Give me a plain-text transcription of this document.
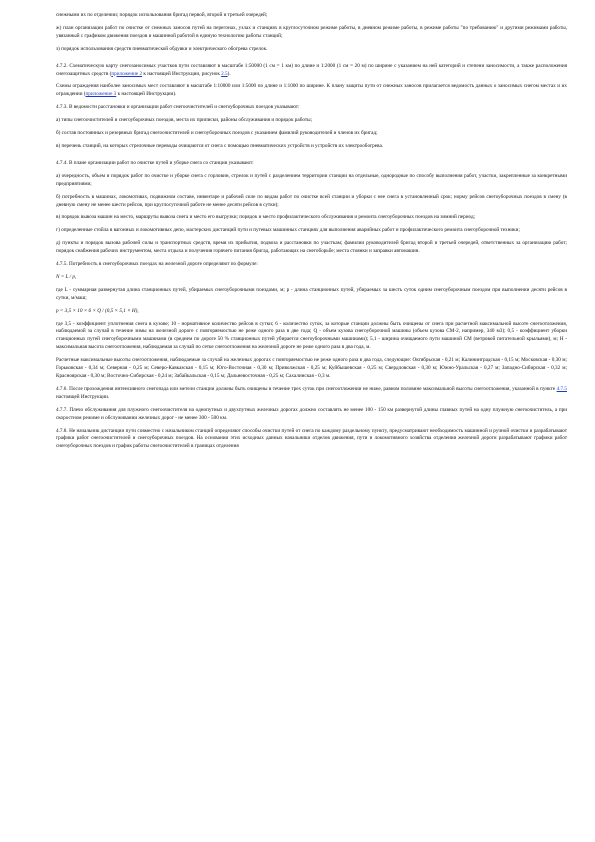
снежными их по отделении; порядок использования бригад первой, второй и третьей очередей;

ж) план организации работ по очистке от снежных заносов путей на перегонах, узлах и станциях в круглосуточном режиме работы, в дневном режиме работы, в режиме работы "по требованию" и другими режимами работы, увязанный с графиком движения поездов и машинной работой в единую технологию работы станций;

з) порядок использования средств пневматической обдувки и электрического обогрева стрелок.

4.7.2. Схематическую карту снегозаносимых участков пути составляют в масштабе 1:50000 (1 см = 1 км) по длине и 1:2000 (1 см = 20 м) по ширине с указанием на ней категорий и степени заносимости, а также расположения снегозащитных средств (приложение 2 к настоящей Инструкции, рисунок 2.5).

Схемы ограждения наиболее заносимых мест составляют в масштабе 1:10000 или 1:5000 по длине и 1:1000 по ширине. К плану защиты пути от снежных заносов прилагается ведомость данных о заносимых снегом местах и их ограждении (приложение 3 к настоящей Инструкции).

4.7.3. В ведомости расстановки и организации работ снегоочистителей и снегоуборочных поездов указывают:

а) типы снегоочистителей и снегоуборочных поездов, места их приписки, районы обслуживания и порядок работы;

б) состав постоянных и резервных бригад снегоочистителей и снегоуборочных поездов с указанием фамилий руководителей и членов их бригад;

в) перечень станций, на которых стрелочные переводы очищаются от снега с помощью пневматических устройств и устройств их электрообогрева.

4.7.4. В плане организации работ по очистке путей и уборке снега со станции указывают:

а) очередность, объем и порядок работ по очистке и уборке снега с горловин, стрелок и путей с разделением территории станции на отдельные, однородные по способу выполнения работ, участки, закрепленные за конкретными предприятиями;

б) потребность в машинах, локомотивах, подвижном составе, инвентаре и рабочей силе по видам работ по очистке всей станции и уборки с нее снега в установленный срок; норму рейсов снегоуборочных поездов в смену (в дневную смену не менее шести рейсов, при круглосуточной работе не менее десяти рейсов в сутки);

в) порядок вывоза машин на место, маршруты вывоза снега и место его выгрузки; порядок и место профилактического обслуживания и ремонта снегоуборочных поездов на зимний период;

г) определенные стойла в вагонных и локомотивных депо, мастерских дистанций пути и путевых машинных станциях для выполнения аварийных работ и профилактического ремонта снегоуборочной техники;

д) пункты и порядок вызова рабочей силы и транспортных средств, время их прибытия, подвоза и расстановки по участкам; фамилии руководителей бригад второй и третьей очередей, ответственных за организацию работ; порядок снабжения рабочих инструментом, места отдыха и получения горячего питания бригад, работающих на снегоборьбе; места стоянки и заправки автомашин.

4.7.5. Потребность в снегоуборочных поездах на железной дороге определяют по формуле:

N = L / p,

где L - суммарная развернутая длина станционных путей, убираемых снегоуборочными поездами, м; p - длина станционных путей, убираемых за шесть суток одним снегоуборочным поездом при выполнении десяти рейсов в сутки, м/маш;

p = 3,5 × 10 × 6 × Q / (0,5 × 5,1 × H),

где 3,5 - коэффициент уплотнения снега в кузове; 10 - нормативное количество рейсов в сутки; 6 - количество суток, за которые станции должны быть очищены от снега при расчетной максимальной высоте снегоотложения, наблюдаемой за случай в течение зимы на железной дороге с повторяемостью не реже одного раза в две года; Q - объем кузова снегоуборочной машины (объем кузова СМ-2, например, 340 м3); 0,5 - коэффициент уборки станционных путей снегоуборочными машинами (в среднем по дороге 50 % станционных путей убирается снегоуборочными машинами); 5,1 - ширина очищаемого пути машиной СМ (ветровой питательной крыльями), м; H - максимальная высота снегоотложения, наблюдаемая за случай по сетке снегоотложения на железной дороге не реже одного раза в два года, м.

Расчетные максимальные высоты снегоотложения, наблюдаемые за случай на железных дорогах с повторяемостью не реже одного раза в два года, следующие: Октябрьская - 0,21 м; Калининградская - 0,15 м; Московская - 0,30 м; Горьковская - 0,34 м; Северная - 0,25 м; Северо-Кавказская - 0,15 м; Юго-Восточная - 0,30 м; Приволжская - 0,25 м; Куйбышевская - 0,25 м; Свердловская - 0,30 м; Южно-Уральская - 0,27 м; Западно-Сибирская - 0,32 м; Красноярская - 0,30 м; Восточно-Сибирская - 0,24 м; Забайкальская - 0,15 м; Дальневосточная - 0,25 м; Сахалинская - 0,3 м.

4.7.6. После прохождения интенсивного снегопада или метели станции должны быть очищены в течение трех суток при снегоотложении не ниже, равном половине максимальной высоты снегоотложения, указанной в пункте 4.7.5 настоящей Инструкции.

4.7.7. Плечо обслуживания для плужного снегоочистителя на однопутных и двухпутных железных дорогах должно составлять не менее 100 - 150 км развернутой длины главных путей на одну плужную снегоочиститель, а при скоростном режиме и обслуживании железных дорог - не менее 300 - 500 км.

4.7.8. Не начальник дистанции пути совместно с начальником станций определяют способы очистки путей от снега по каждому раздельному пункту, предусматривают необходимость машинной и ручной очистки и разрабатывают графики работ снегоочистителей и снегоуборочных поездов. На основании этих исходных данных начальники отделов движения, пути и локомотивного хозяйства отделения железной дороги разрабатывают графики работ снегоуборочных поездов и график работы снегоочистителей в границах отделения
